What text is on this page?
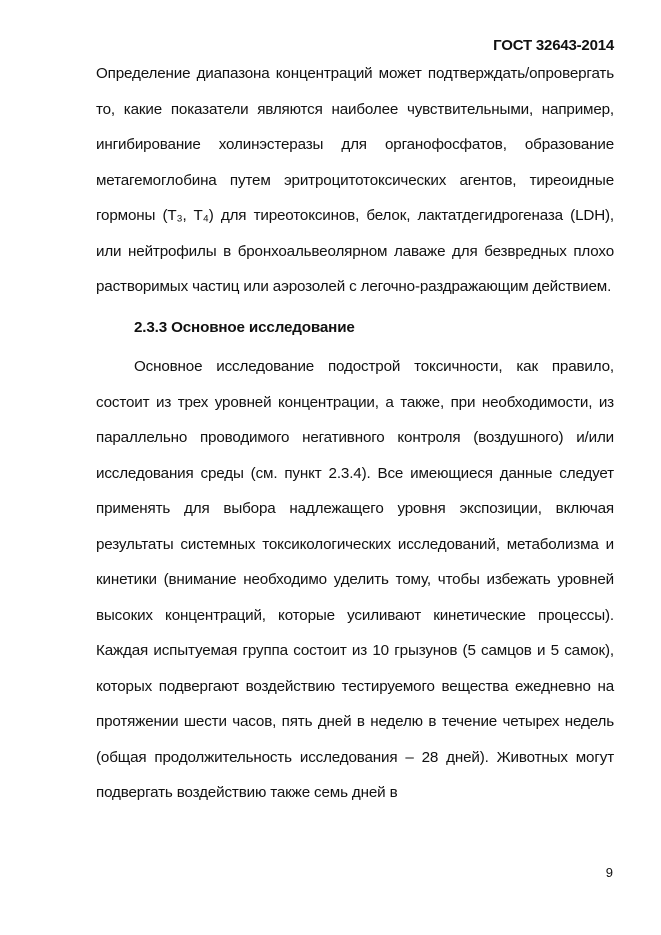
ГОСТ 32643-2014

Определение диапазона концентраций может подтверждать/опровергать то, какие показатели являются наиболее чувствительными, например, ингибирование холинэстеразы для органофосфатов, образование метагемоглобина путем эритроцитотоксических агентов, тиреоидные гормоны (T₃, T₄) для тиреотоксинов, белок, лактатдегидрогеназа (LDH), или нейтрофилы в бронхоальвеолярном лаваже для безвредных плохо растворимых частиц или аэрозолей с легочно-раздражающим действием.

2.3.3 Основное исследование

Основное исследование подострой токсичности, как правило, состоит из трех уровней концентрации, а также, при необходимости, из параллельно проводимого негативного контроля (воздушного) и/или исследования среды (см. пункт 2.3.4). Все имеющиеся данные следует применять для выбора надлежащего уровня экспозиции, включая результаты системных токсикологических исследований, метаболизма и кинетики (внимание необходимо уделить тому, чтобы избежать уровней высоких концентраций, которые усиливают кинетические процессы). Каждая испытуемая группа состоит из 10 грызунов (5 самцов и 5 самок), которых подвергают воздействию тестируемого вещества ежедневно на протяжении шести часов, пять дней в неделю в течение четырех недель (общая продолжительность исследования – 28 дней). Животных могут подвергать воздействию также семь дней в

9
